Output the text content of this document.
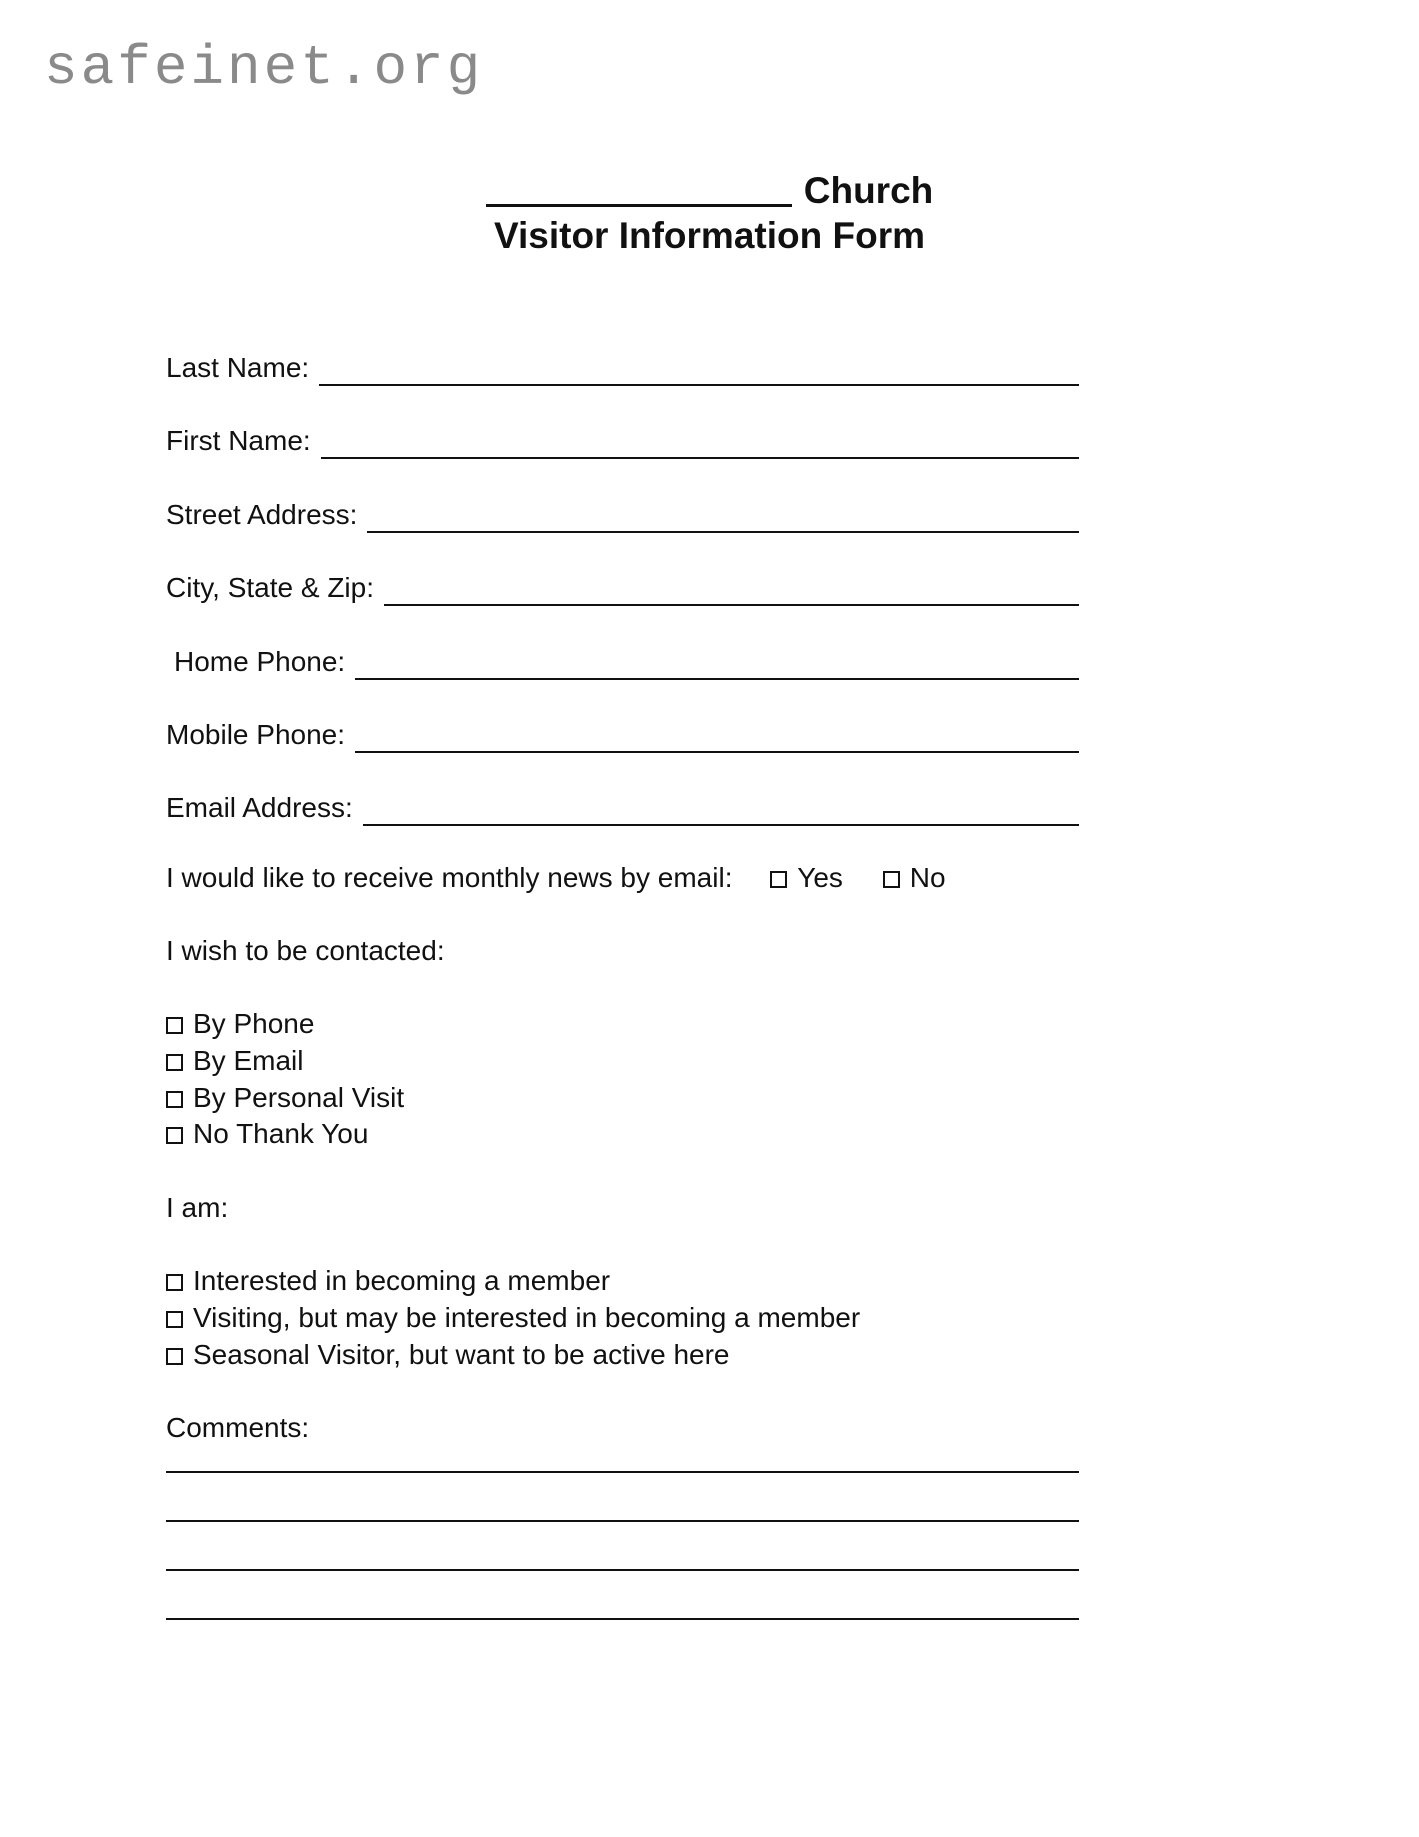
safeinet.org
Church
Visitor Information Form
Last Name:
First Name:
Street Address:
City, State & Zip:
Home Phone:
Mobile Phone:
Email Address:
I would like to receive monthly news by email: Yes No
I wish to be contacted:
By Phone
By Email
By Personal Visit
No Thank You
I am:
Interested in becoming a member
Visiting, but may be interested in becoming a member
Seasonal Visitor, but want to be active here
Comments:
